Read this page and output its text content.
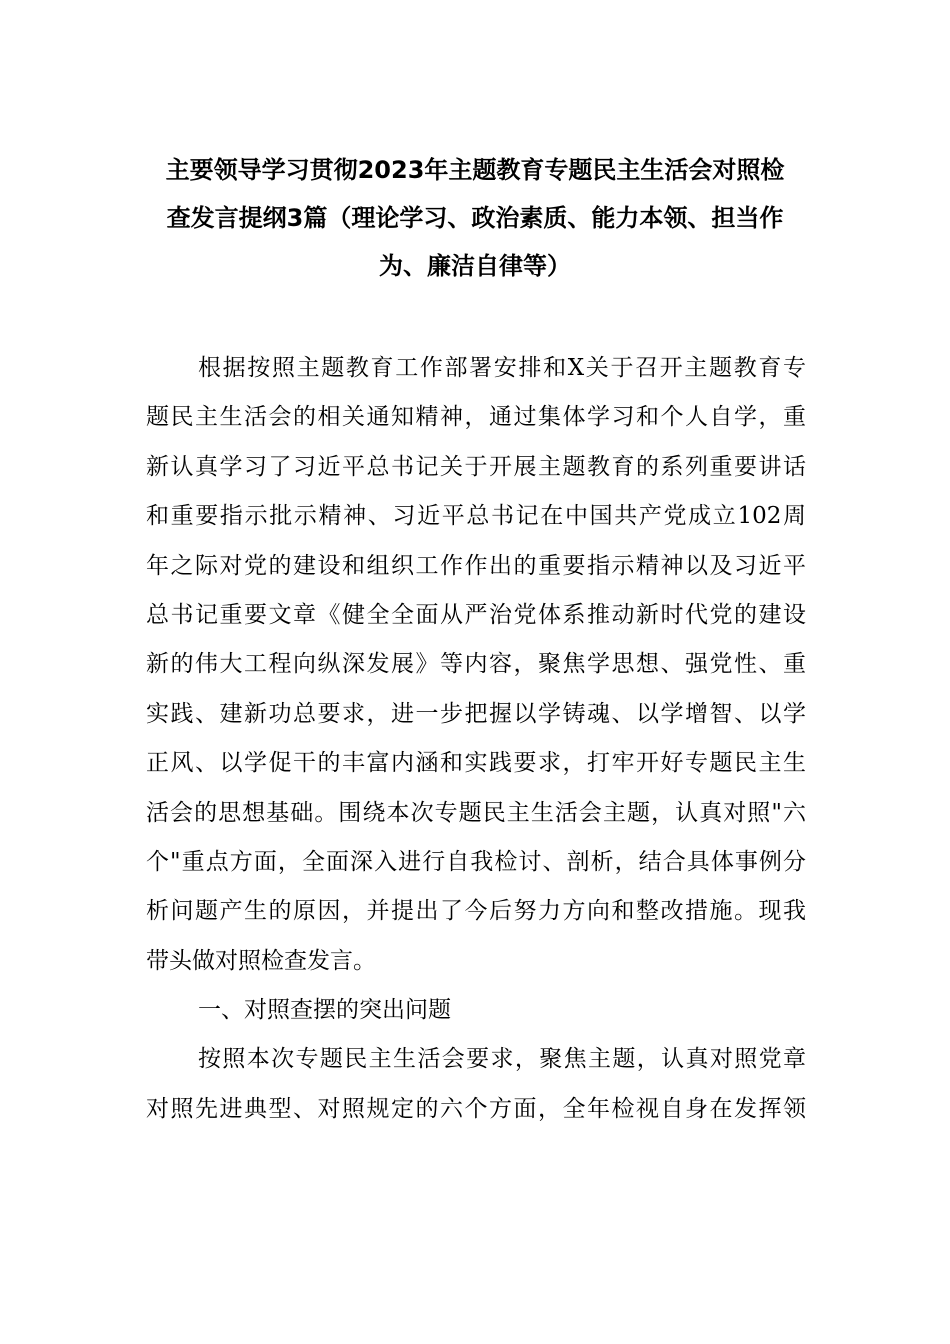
主要领导学习贯彻2023年主题教育专题民主生活会对照检
查发言提纲3篇（理论学习、政治素质、能力本领、担当作
为、廉洁自律等）
根据按照主题教育工作部署安排和X关于召开主题教育专
题民主生活会的相关通知精神，通过集体学习和个人自学，重
新认真学习了习近平总书记关于开展主题教育的系列重要讲话
和重要指示批示精神、习近平总书记在中国共产党成立102周
年之际对党的建设和组织工作作出的重要指示精神以及习近平
总书记重要文章《健全全面从严治党体系推动新时代党的建设
新的伟大工程向纵深发展》等内容，聚焦学思想、强党性、重
实践、建新功总要求，进一步把握以学铸魂、以学增智、以学
正风、以学促干的丰富内涵和实践要求，打牢开好专题民主生
活会的思想基础。围绕本次专题民主生活会主题，认真对照"六
个"重点方面，全面深入进行自我检讨、剖析，结合具体事例分
析问题产生的原因，并提出了今后努力方向和整改措施。现我
带头做对照检查发言。
一、对照查摆的突出问题
按照本次专题民主生活会要求，聚焦主题，认真对照党章
对照先进典型、对照规定的六个方面，全年检视自身在发挥领
